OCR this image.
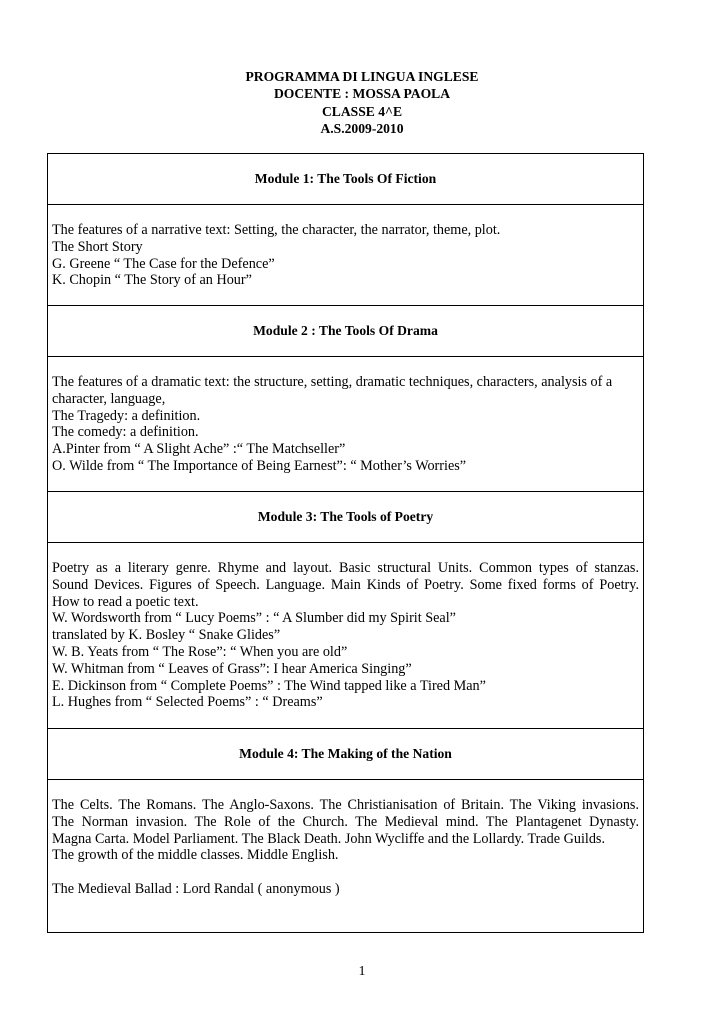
PROGRAMMA DI LINGUA INGLESE
DOCENTE : MOSSA PAOLA
CLASSE 4^E
A.S.2009-2010
Module 1: The Tools Of Fiction
The features of a narrative text: Setting, the character, the narrator, theme, plot.
The Short Story
G. Greene “ The Case for the Defence”
K. Chopin “ The Story of an Hour”
Module 2 : The Tools Of Drama
The features of a dramatic text: the structure, setting, dramatic techniques, characters, analysis of a
character, language,
The Tragedy: a definition.
The comedy: a definition.
A.Pinter from “ A Slight Ache” :“ The Matchseller”
O. Wilde from “ The Importance of Being Earnest”: “ Mother’s Worries”
Module 3: The Tools of Poetry
Poetry as a literary genre. Rhyme and layout. Basic structural Units. Common types of stanzas.
Sound Devices. Figures of Speech. Language. Main Kinds of Poetry. Some fixed forms of Poetry.
How to read a poetic text.
W. Wordsworth from “ Lucy Poems” : “ A Slumber did my Spirit Seal”
translated by K. Bosley “ Snake Glides”
W. B. Yeats from “ The Rose”: “ When you are old”
W. Whitman from “ Leaves of Grass”: I hear America Singing”
E. Dickinson from “ Complete Poems” : The Wind tapped like a Tired Man”
L. Hughes from “ Selected Poems” : “ Dreams”
Module 4: The Making of the Nation
The Celts. The Romans. The Anglo-Saxons. The Christianisation of Britain. The Viking invasions.
The Norman invasion. The Role of the Church. The Medieval mind. The Plantagenet Dynasty.
Magna Carta. Model Parliament. The Black Death. John Wycliffe and the Lollardy. Trade Guilds.
The growth of the middle classes. Middle English.
The Medieval Ballad : Lord Randal ( anonymous )
1
